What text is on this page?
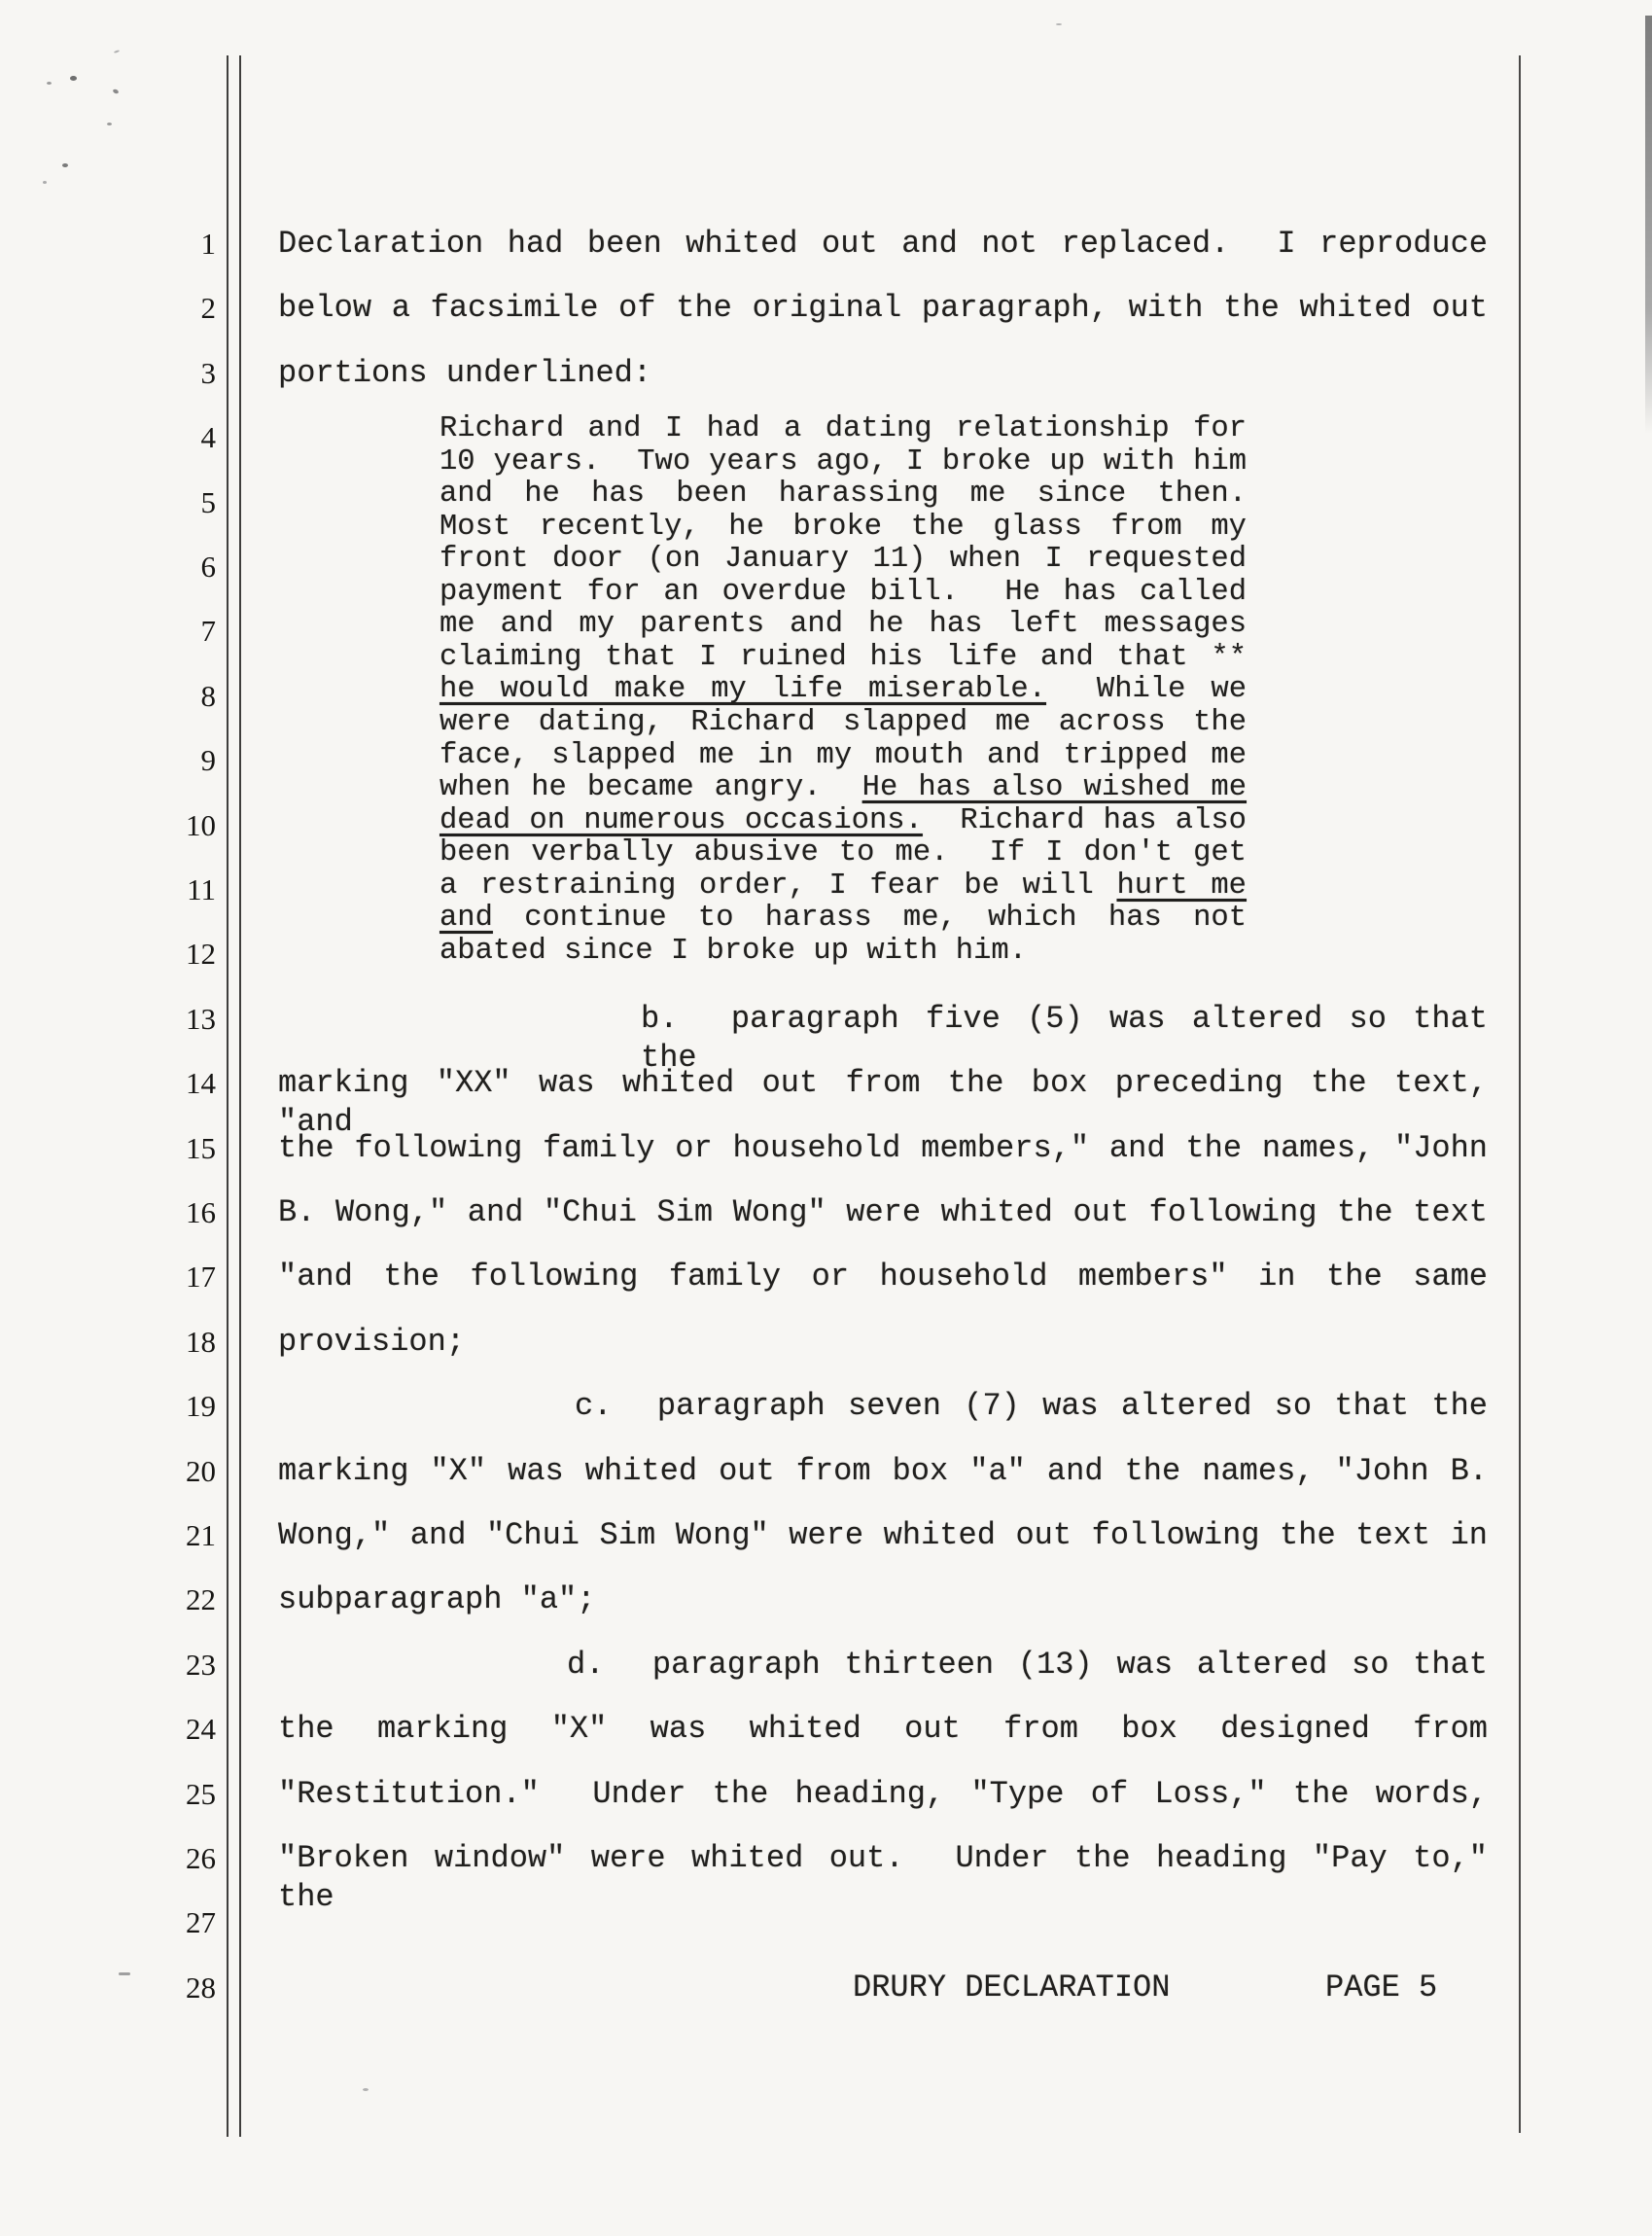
1
2
3
4
5
6
7
8
9
10
11
12
13
14
15
16
17
18
19
20
21
22
23
24
25
26
27
28
Declaration had been whited out and not replaced.  I reproduce
below a facsimile of the original paragraph, with the whited out
portions underlined:
b.  paragraph five (5) was altered so that the
marking "XX" was whited out from the box preceding the text, "and
the following family or household members," and the names, "John
B. Wong," and "Chui Sim Wong" were whited out following the text
"and the following family or household members" in the same
provision;
c.  paragraph seven (7) was altered so that the
marking "X" was whited out from box "a" and the names, "John B.
Wong," and "Chui Sim Wong" were whited out following the text in
subparagraph "a";
d.  paragraph thirteen (13) was altered so that
the marking "X" was whited out from box designed from
"Restitution."  Under the heading, "Type of Loss," the words,
"Broken window" were whited out.  Under the heading "Pay to," the
Richard and I had a dating relationship for
10 years.  Two years ago, I broke up with him
and he has been harassing me since then.
Most recently, he broke the glass from my
front door (on January 11) when I requested
payment for an overdue bill.  He has called
me and my parents and he has left messages
claiming that I ruined his life and that **
he would make my life miserable.  While we
were dating, Richard slapped me across the
face, slapped me in my mouth and tripped me
when he became angry.  He has also wished me
dead on numerous occasions.  Richard has also
been verbally abusive to me.  If I don't get
a restraining order, I fear be will hurt me
and continue to harass me, which has not
abated since I broke up with him.
DRURY DECLARATION	PAGE 5
